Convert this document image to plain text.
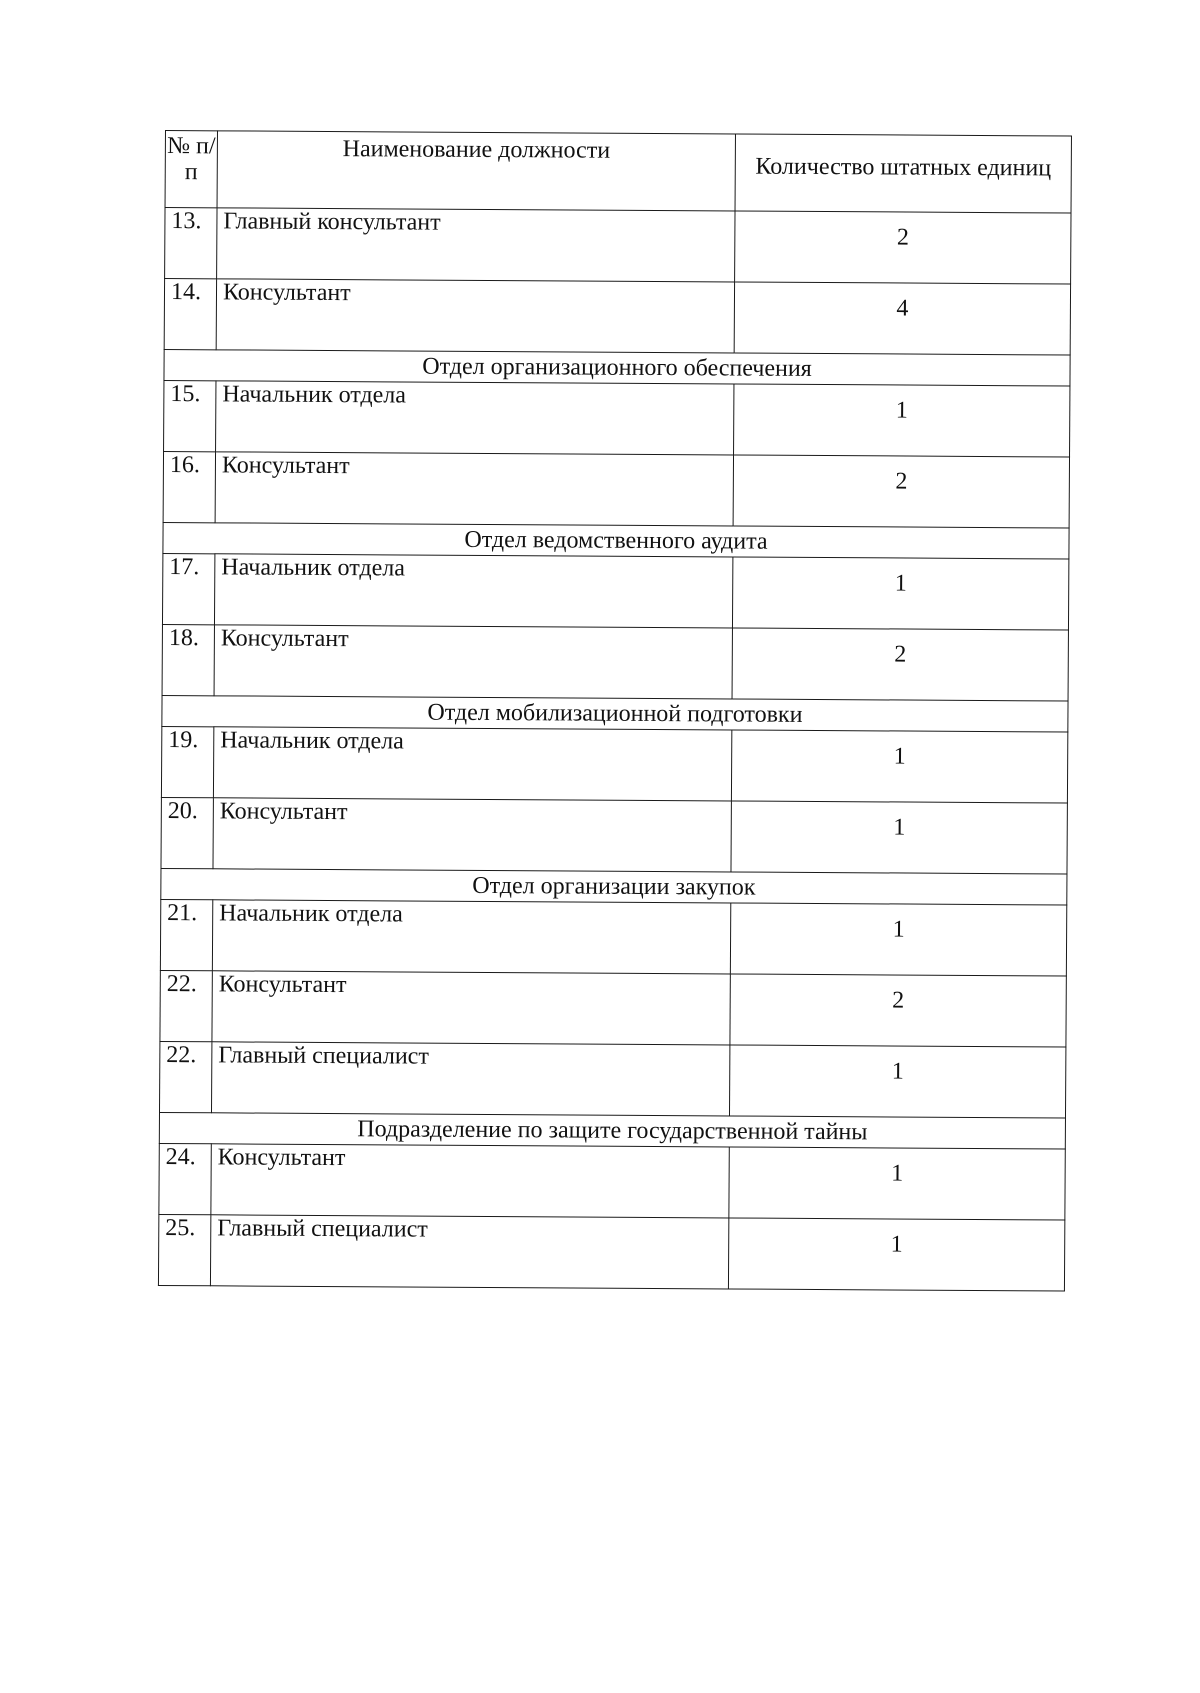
№ п/п	Наименование должности	Количество штатных единиц
13.	Главный консультант	2
14.	Консультант	4
Отдел организационного обеспечения		
15.	Начальник отдела	1
16.	Консультант	2
Отдел ведомственного аудита		
17.	Начальник отдела	1
18.	Консультант	2
Отдел мобилизационной подготовки		
19.	Начальник отдела	1
20.	Консультант	1
Отдел организации закупок		
21.	Начальник отдела	1
22.	Консультант	2
22.	Главный специалист	1
Подразделение по защите государственной тайны		
24.	Консультант	1
25.	Главный специалист	1
